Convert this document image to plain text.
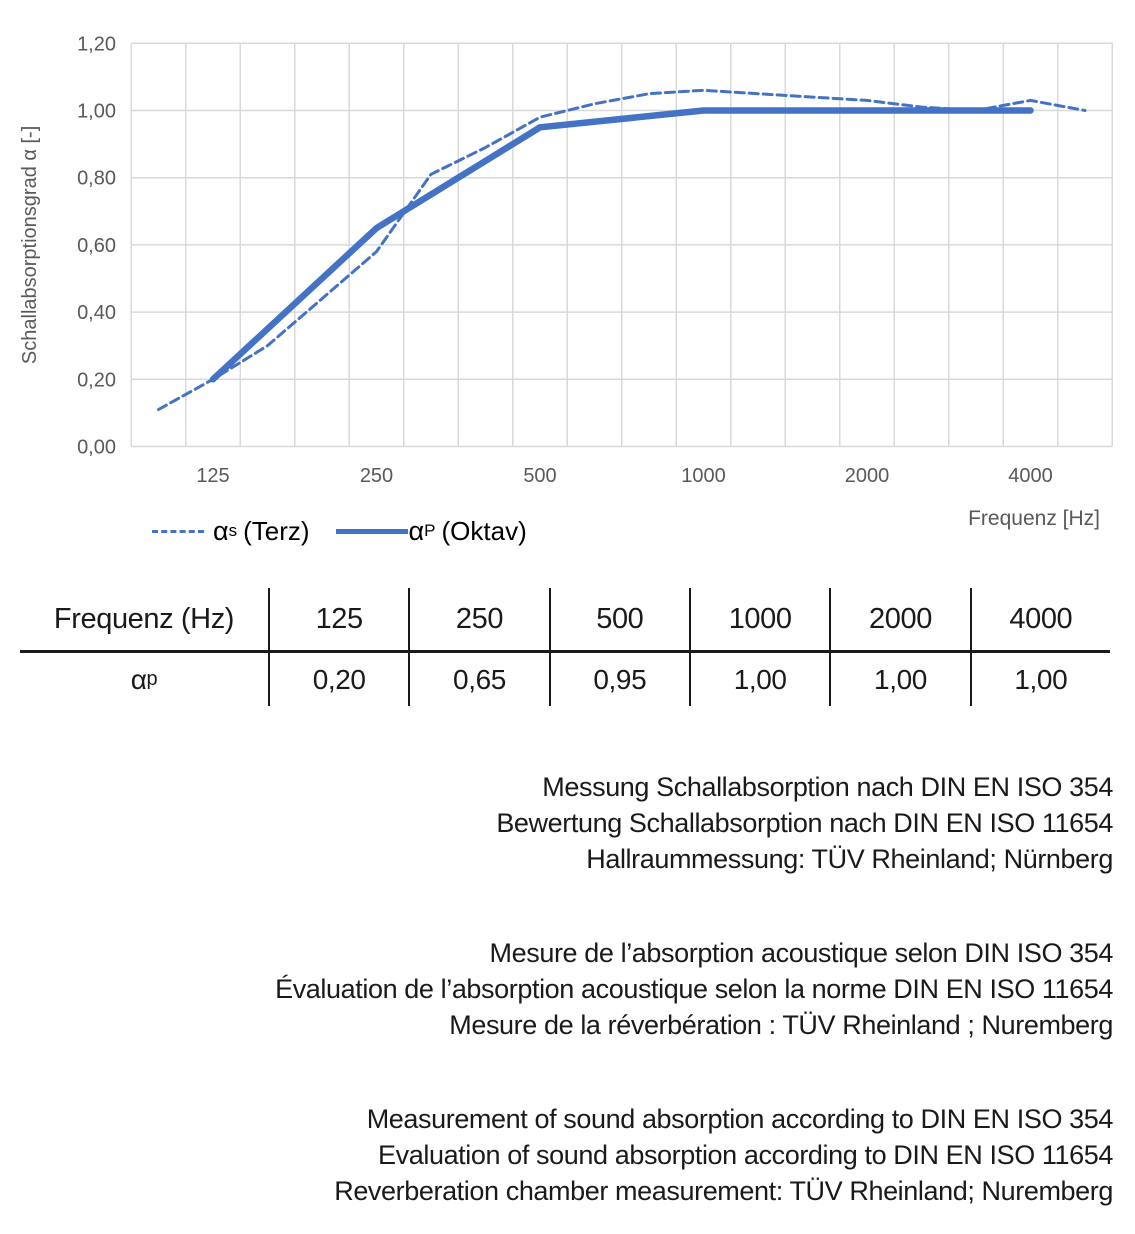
0,00
0,20
0,40
0,60
0,80
1,00
1,20
125	250	500	1000	2000	4000
Schallabsorptionsgrad α [-]
Frequenz [Hz]
α s (Terz)	α P (Oktav)
Frequenz (Hz)	125	250	500	1000	2000	4000
α p	0,20	0,65	0,95	1,00	1,00	1,00
Messung Schallabsorption nach DIN EN ISO 354
Bewertung Schallabsorption nach DIN EN ISO 11654
Hallraummessung: TÜV Rheinland; Nürnberg
Mesure de l’absorption acoustique selon DIN ISO 354
Évaluation de l’absorption acoustique selon la norme DIN EN ISO 11654
Mesure de la réverbération : TÜV Rheinland ; Nuremberg
Measurement of sound absorption according to DIN EN ISO 354
Evaluation of sound absorption according to DIN EN ISO 11654
Reverberation chamber measurement: TÜV Rheinland; Nuremberg
